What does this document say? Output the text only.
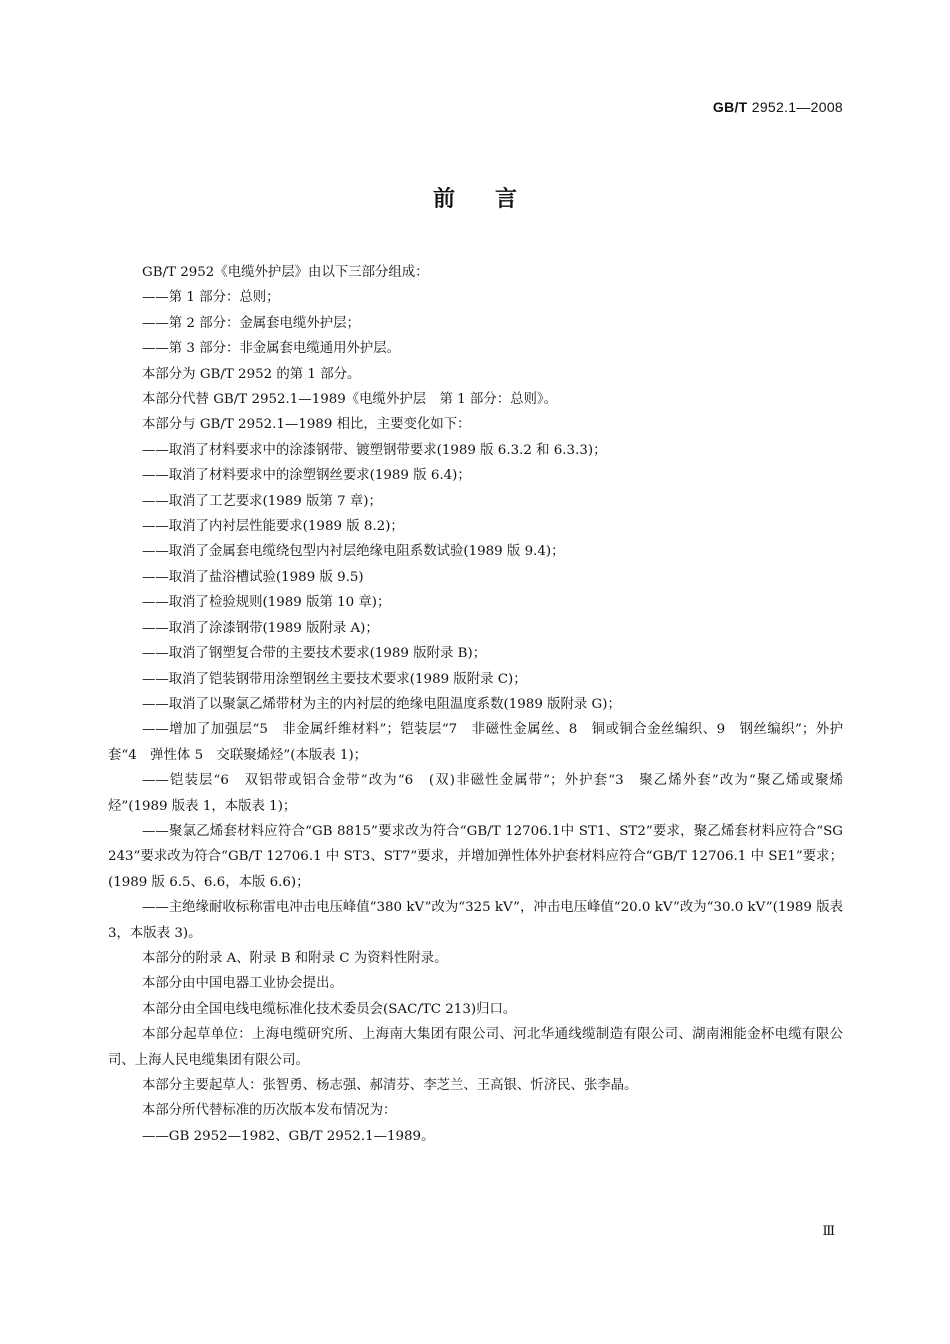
GB/T 2952.1—2008
前言

GB/T 2952《电缆外护层》由以下三部分组成：

——第 1 部分：总则；

——第 2 部分：金属套电缆外护层；

——第 3 部分：非金属套电缆通用外护层。

本部分为 GB/T 2952 的第 1 部分。

本部分代替 GB/T 2952.1—1989《电缆外护层　第 1 部分：总则》。

本部分与 GB/T 2952.1—1989 相比，主要变化如下：

——取消了材料要求中的涂漆钢带、镀塑钢带要求(1989 版 6.3.2 和 6.3.3)；

——取消了材料要求中的涂塑钢丝要求(1989 版 6.4)；

——取消了工艺要求(1989 版第 7 章)；

——取消了内衬层性能要求(1989 版 8.2)；

——取消了金属套电缆绕包型内衬层绝缘电阻系数试验(1989 版 9.4)；

——取消了盐浴槽试验(1989 版 9.5)

——取消了检验规则(1989 版第 10 章)；

——取消了涂漆钢带(1989 版附录 A)；

——取消了钢塑复合带的主要技术要求(1989 版附录 B)；

——取消了铠装钢带用涂塑钢丝主要技术要求(1989 版附录 C)；

——取消了以聚氯乙烯带材为主的内衬层的绝缘电阻温度系数(1989 版附录 G)；

——增加了加强层“5　非金属纤维材料”；铠装层“7　非磁性金属丝、8　铜或铜合金丝编织、9　钢丝编织”；外护套“4　弹性体 5　交联聚烯烃”(本版表 1)；

——铠装层“6　双铝带或铝合金带”改为“6　(双)非磁性金属带”；外护套“3　聚乙烯外套”改为“聚乙烯或聚烯烃”(1989 版表 1，本版表 1)；

——聚氯乙烯套材料应符合“GB 8815”要求改为符合“GB/T 12706.1中 ST1、ST2”要求，聚乙烯套材料应符合“SG 243”要求改为符合“GB/T 12706.1 中 ST3、ST7”要求，并增加弹性体外护套材料应符合“GB/T 12706.1 中 SE1”要求；(1989 版 6.5、6.6，本版 6.6)；

——主绝缘耐收标称雷电冲击电压峰值“380 kV”改为“325 kV”，冲击电压峰值“20.0 kV”改为“30.0 kV”(1989 版表 3，本版表 3)。

本部分的附录 A、附录 B 和附录 C 为资料性附录。

本部分由中国电器工业协会提出。

本部分由全国电线电缆标准化技术委员会(SAC/TC 213)归口。

本部分起草单位：上海电缆研究所、上海南大集团有限公司、河北华通线缆制造有限公司、湖南湘能金杯电缆有限公司、上海人民电缆集团有限公司。

本部分主要起草人：张智勇、杨志强、郝清芬、李芝兰、王高银、忻济民、张李晶。

本部分所代替标准的历次版本发布情况为：

——GB 2952—1982、GB/T 2952.1—1989。

Ⅲ
